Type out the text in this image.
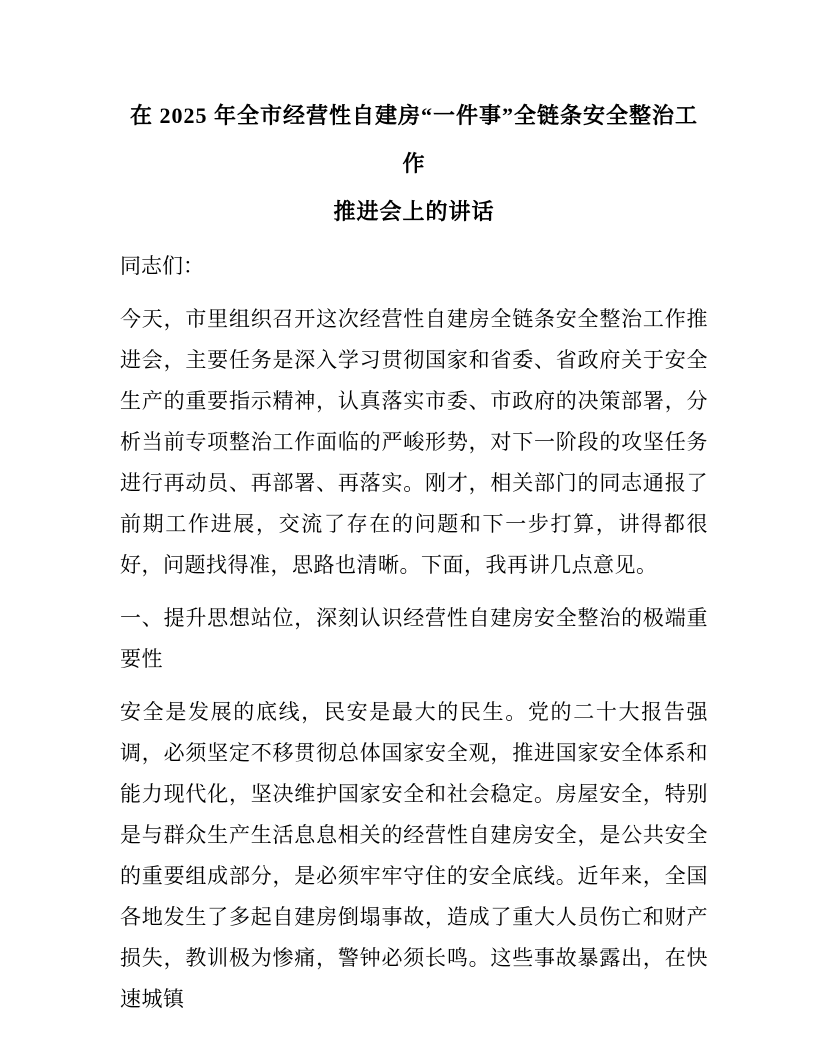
在 2025 年全市经营性自建房“一件事”全链条安全整治工作
推进会上的讲话

同志们：

今天，市里组织召开这次经营性自建房全链条安全整治工作推进会，主要任务是深入学习贯彻国家和省委、省政府关于安全生产的重要指示精神，认真落实市委、市政府的决策部署，分析当前专项整治工作面临的严峻形势，对下一阶段的攻坚任务进行再动员、再部署、再落实。刚才，相关部门的同志通报了前期工作进展，交流了存在的问题和下一步打算，讲得都很好，问题找得准，思路也清晰。下面，我再讲几点意见。

一、提升思想站位，深刻认识经营性自建房安全整治的极端重要性

安全是发展的底线，民安是最大的民生。党的二十大报告强调，必须坚定不移贯彻总体国家安全观，推进国家安全体系和能力现代化，坚决维护国家安全和社会稳定。房屋安全，特别是与群众生产生活息息相关的经营性自建房安全，是公共安全的重要组成部分，是必须牢牢守住的安全底线。近年来，全国各地发生了多起自建房倒塌事故，造成了重大人员伤亡和财产损失，教训极为惨痛，警钟必须长鸣。这些事故暴露出，在快速城镇
